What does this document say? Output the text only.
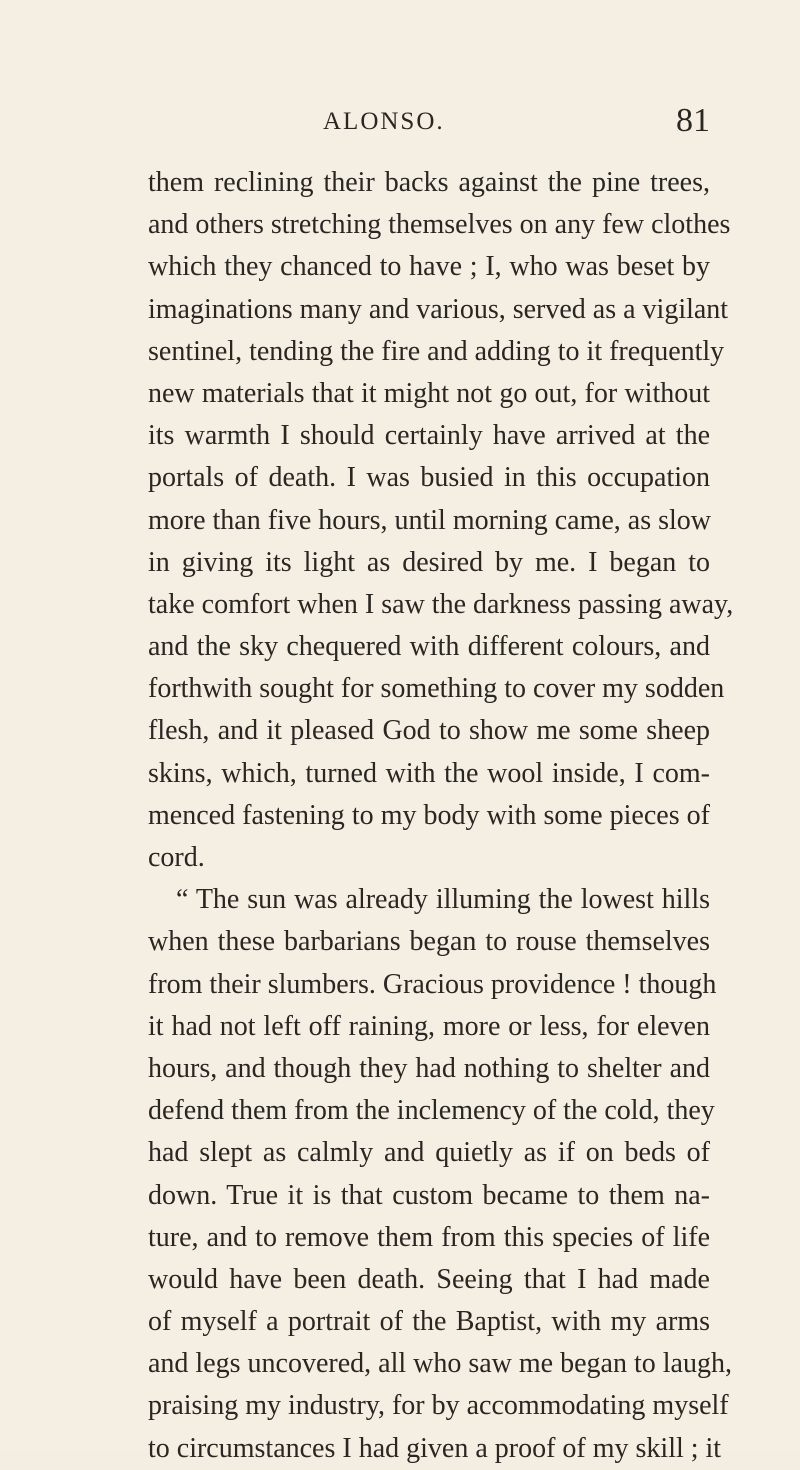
ALONSO.	81
them reclining their backs against the pine trees,
and others stretching themselves on any few clothes
which they chanced to have ; I, who was beset by
imaginations many and various, served as a vigilant
sentinel, tending the fire and adding to it frequently
new materials that it might not go out, for without
its warmth I should certainly have arrived at the
portals of death. I was busied in this occupation
more than five hours, until morning came, as slow
in giving its light as desired by me. I began to
take comfort when I saw the darkness passing away,
and the sky chequered with different colours, and
forthwith sought for something to cover my sodden
flesh, and it pleased God to show me some sheep
skins, which, turned with the wool inside, I com-
menced fastening to my body with some pieces of
cord.
“ The sun was already illuming the lowest hills
when these barbarians began to rouse themselves
from their slumbers. Gracious providence ! though
it had not left off raining, more or less, for eleven
hours, and though they had nothing to shelter and
defend them from the inclemency of the cold, they
had slept as calmly and quietly as if on beds of
down. True it is that custom became to them na-
ture, and to remove them from this species of life
would have been death. Seeing that I had made
of myself a portrait of the Baptist, with my arms
and legs uncovered, all who saw me began to laugh,
praising my industry, for by accommodating myself
to circumstances I had given a proof of my skill ; it
